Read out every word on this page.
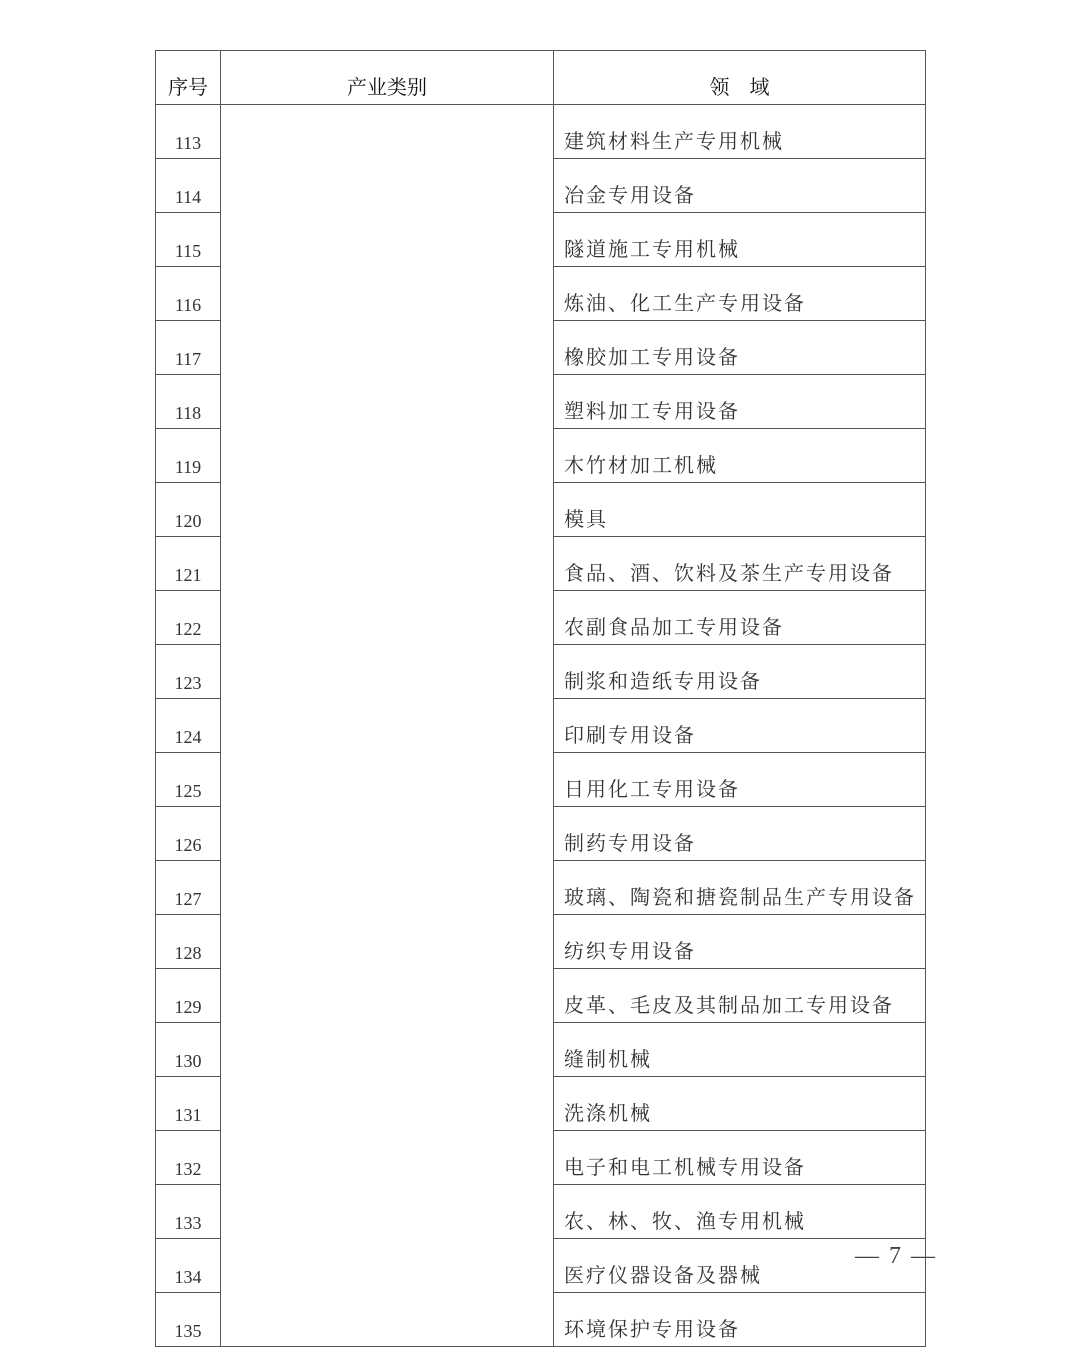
序号	产业类别	领　域
113		建筑材料生产专用机械
114		冶金专用设备
115		隧道施工专用机械
116		炼油、化工生产专用设备
117		橡胶加工专用设备
118		塑料加工专用设备
119		木竹材加工机械
120		模具
121		食品、酒、饮料及茶生产专用设备
122		农副食品加工专用设备
123		制浆和造纸专用设备
124		印刷专用设备
125		日用化工专用设备
126		制药专用设备
127		玻璃、陶瓷和搪瓷制品生产专用设备
128		纺织专用设备
129		皮革、毛皮及其制品加工专用设备
130		缝制机械
131		洗涤机械
132		电子和电工机械专用设备
133		农、林、牧、渔专用机械
134		医疗仪器设备及器械
135		环境保护专用设备
— 7 —
